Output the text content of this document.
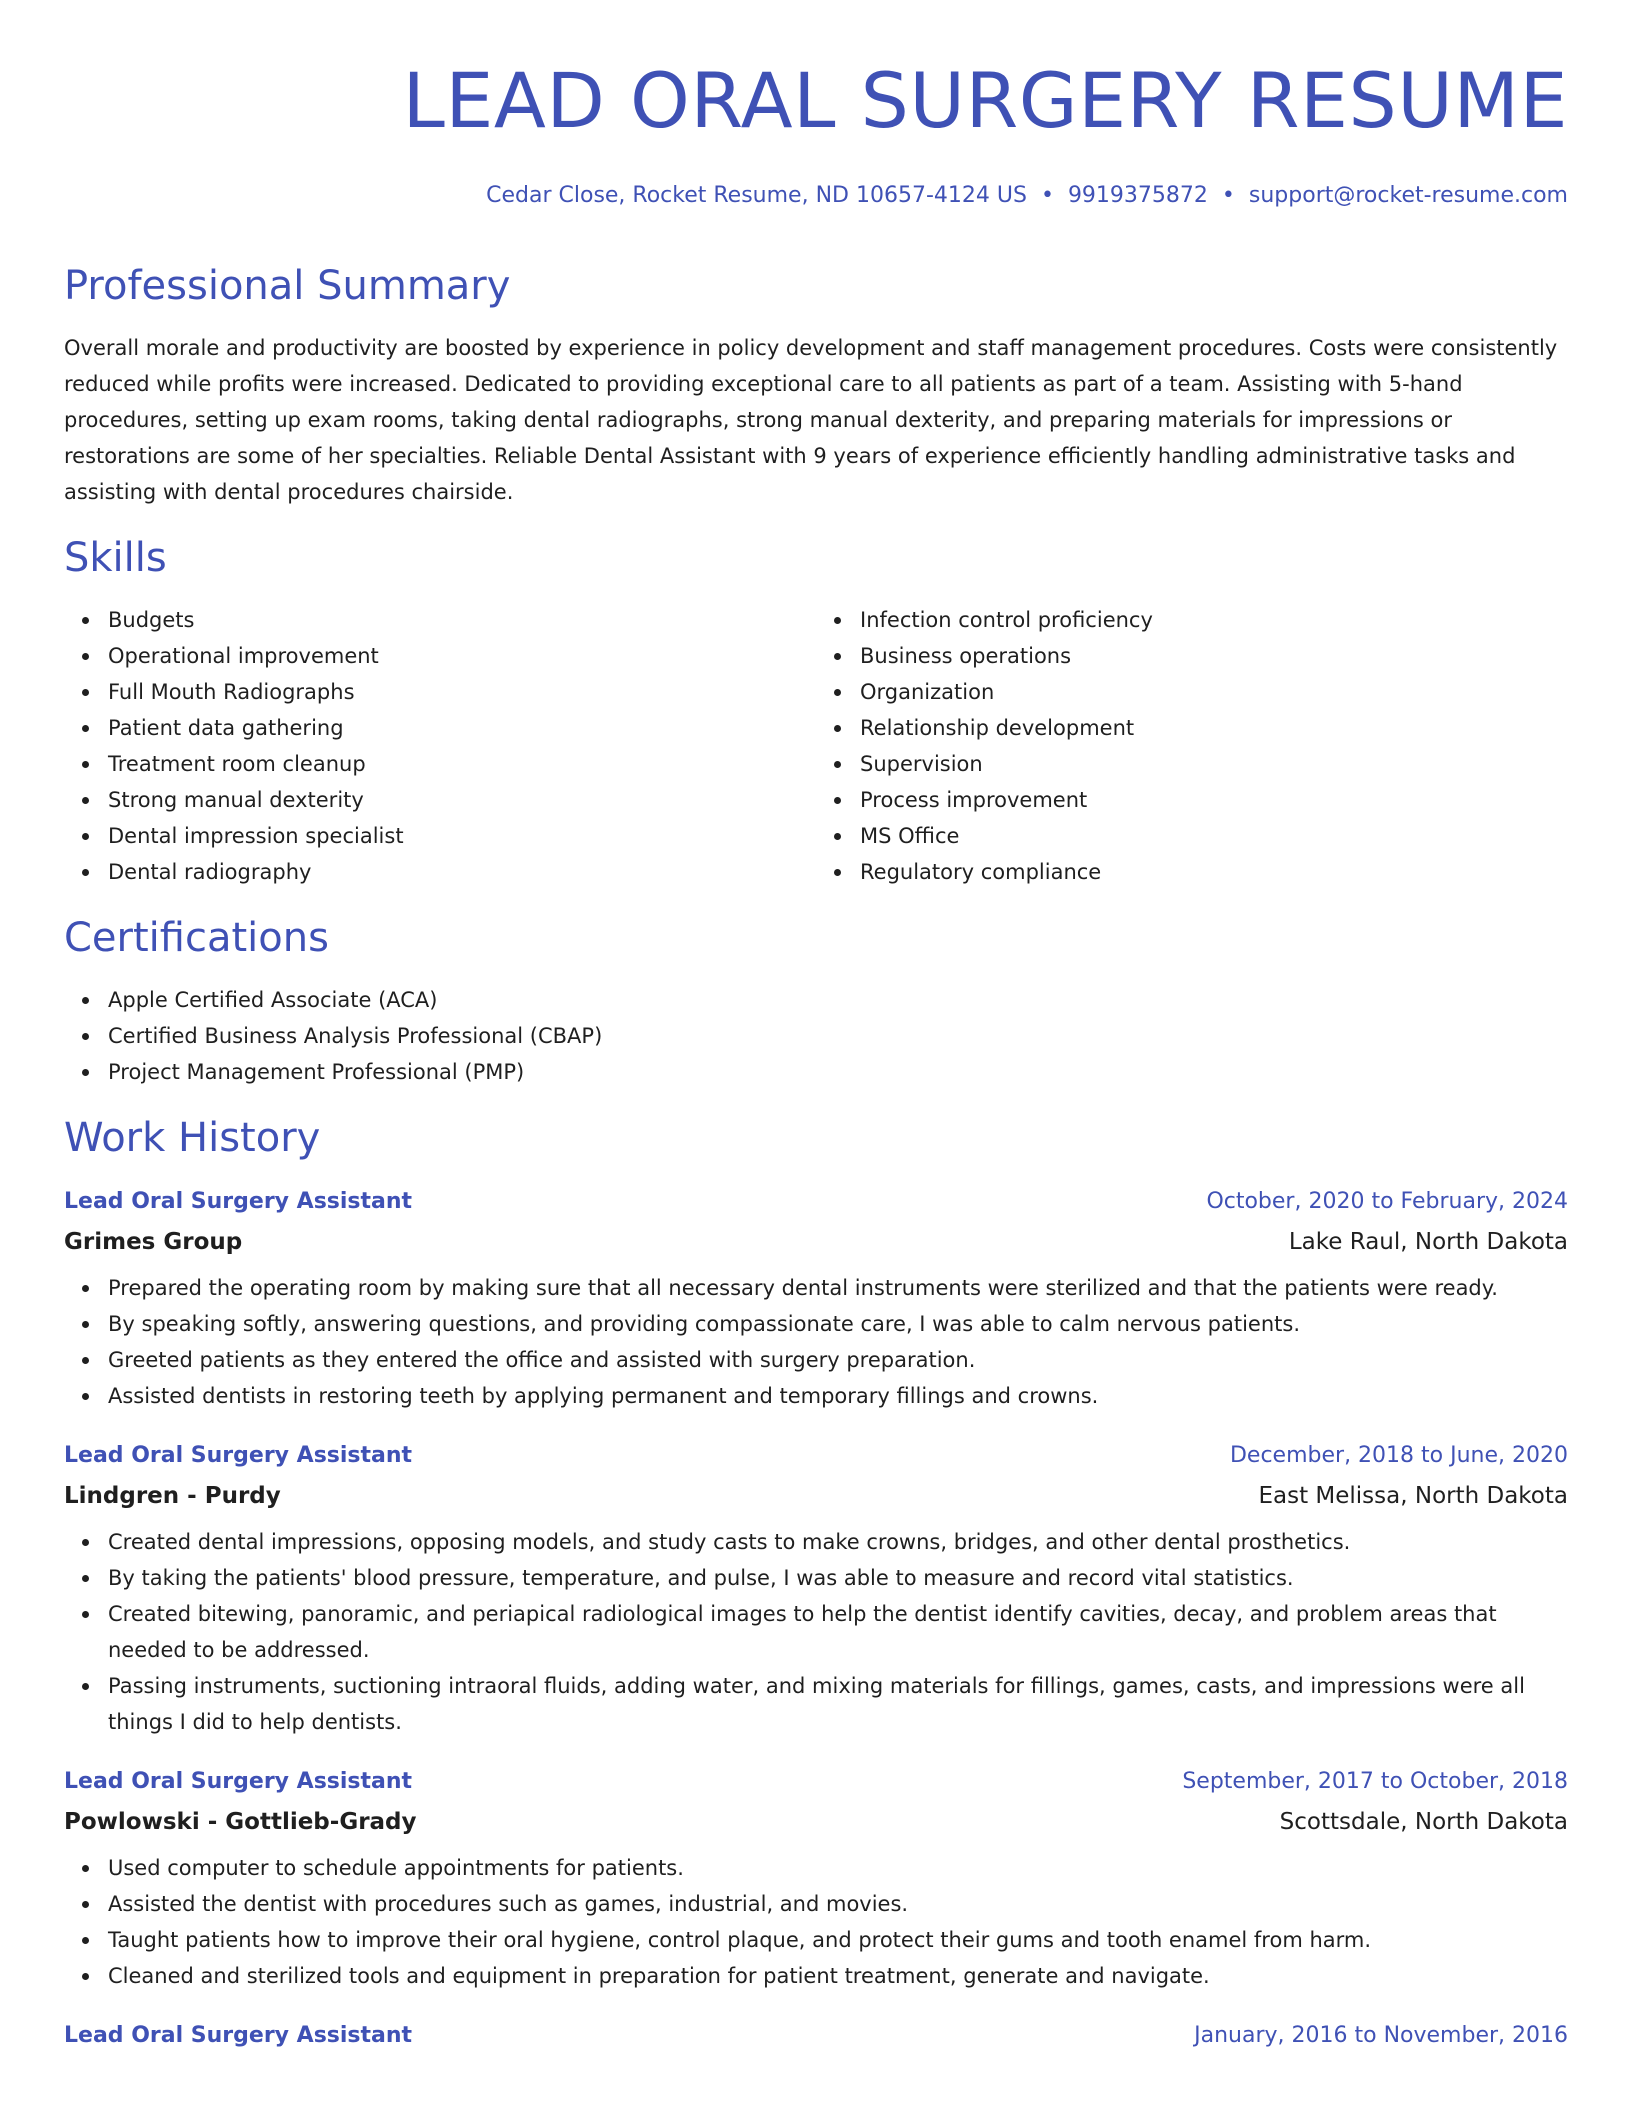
LEAD ORAL SURGERY RESUME
Cedar Close, Rocket Resume, ND 10657-4124 US • 9919375872 • support@rocket-resume.com
Professional Summary

Overall morale and productivity are boosted by experience in policy development and staff management procedures. Costs were consistently reduced while profits were increased. Dedicated to providing exceptional care to all patients as part of a team. Assisting with 5-hand procedures, setting up exam rooms, taking dental radiographs, strong manual dexterity, and preparing materials for impressions or restorations are some of her specialties. Reliable Dental Assistant with 9 years of experience efficiently handling administrative tasks and assisting with dental procedures chairside.

Skills
Budgets
Operational improvement
Full Mouth Radiographs
Patient data gathering
Treatment room cleanup
Strong manual dexterity
Dental impression specialist
Dental radiography
Infection control proficiency
Business operations
Organization
Relationship development
Supervision
Process improvement
MS Office
Regulatory compliance
Certifications
Apple Certified Associate (ACA)
Certified Business Analysis Professional (CBAP)
Project Management Professional (PMP)
Work History
Lead Oral Surgery Assistant	October, 2020 to February, 2024
Grimes Group	Lake Raul, North Dakota
Prepared the operating room by making sure that all necessary dental instruments were sterilized and that the patients were ready.
By speaking softly, answering questions, and providing compassionate care, I was able to calm nervous patients.
Greeted patients as they entered the office and assisted with surgery preparation.
Assisted dentists in restoring teeth by applying permanent and temporary fillings and crowns.
Lead Oral Surgery Assistant	December, 2018 to June, 2020
Lindgren - Purdy	East Melissa, North Dakota
Created dental impressions, opposing models, and study casts to make crowns, bridges, and other dental prosthetics.
By taking the patients' blood pressure, temperature, and pulse, I was able to measure and record vital statistics.
Created bitewing, panoramic, and periapical radiological images to help the dentist identify cavities, decay, and problem areas that needed to be addressed.
Passing instruments, suctioning intraoral fluids, adding water, and mixing materials for fillings, games, casts, and impressions were all things I did to help dentists.
Lead Oral Surgery Assistant	September, 2017 to October, 2018
Powlowski - Gottlieb-Grady	Scottsdale, North Dakota
Used computer to schedule appointments for patients.
Assisted the dentist with procedures such as games, industrial, and movies.
Taught patients how to improve their oral hygiene, control plaque, and protect their gums and tooth enamel from harm.
Cleaned and sterilized tools and equipment in preparation for patient treatment, generate and navigate.
Lead Oral Surgery Assistant	January, 2016 to November, 2016
